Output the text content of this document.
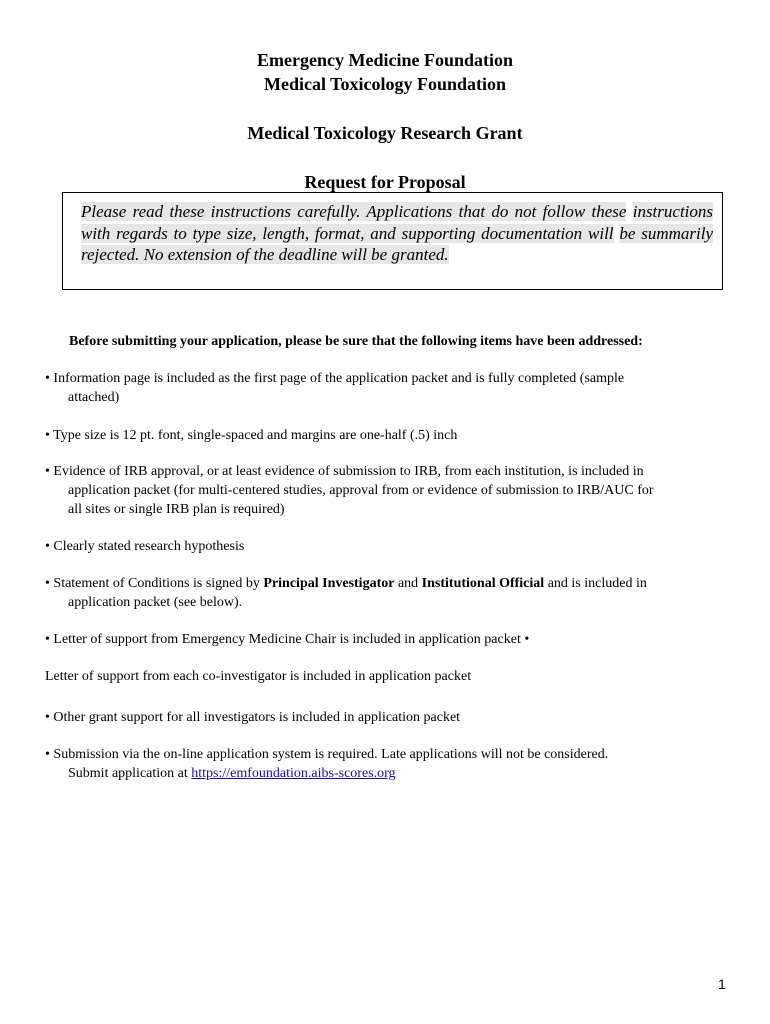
Emergency Medicine Foundation
Medical Toxicology Foundation
Medical Toxicology Research Grant
Request for Proposal
Please read these instructions carefully. Applications that do not follow these instructions with regards to type size, length, format, and supporting documentation will be summarily rejected. No extension of the deadline will be granted.
Before submitting your application, please be sure that the following items have been addressed:
• Information page is included as the first page of the application packet and is fully completed (sample
attached)
• Type size is 12 pt. font, single-spaced and margins are one-half (.5) inch
• Evidence of IRB approval, or at least evidence of submission to IRB, from each institution, is included in
application packet (for multi-centered studies, approval from or evidence of submission to IRB/AUC for
all sites or single IRB plan is required)
• Clearly stated research hypothesis
• Statement of Conditions is signed by Principal Investigator and Institutional Official and is included in
application packet (see below).
• Letter of support from Emergency Medicine Chair is included in application packet •
Letter of support from each co-investigator is included in application packet
• Other grant support for all investigators is included in application packet
• Submission via the on-line application system is required. Late applications will not be considered.
Submit application at https://emfoundation.aibs-scores.org
1
